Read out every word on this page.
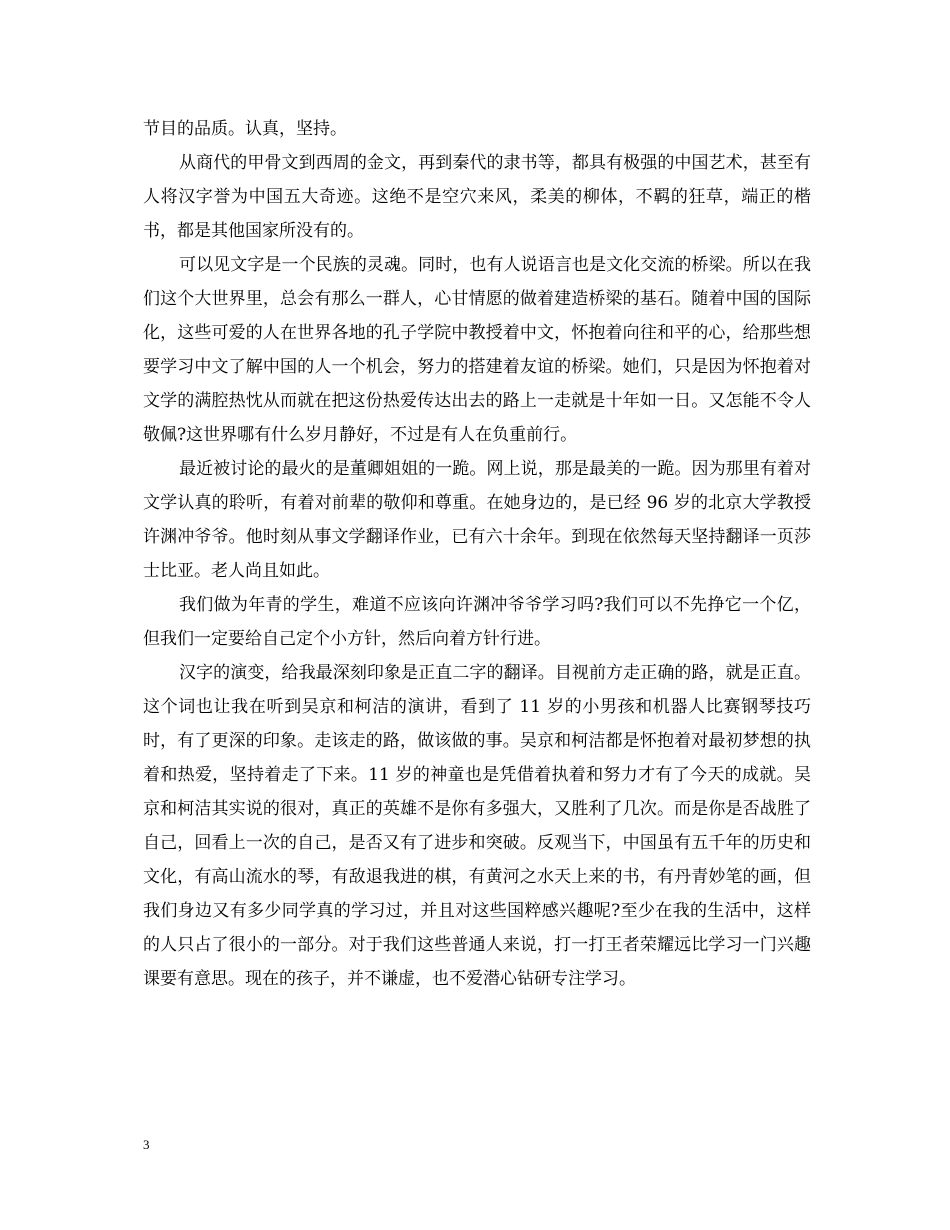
节目的品质。认真，坚持。

从商代的甲骨文到西周的金文，再到秦代的隶书等，都具有极强的中国艺术，甚至有人将汉字誉为中国五大奇迹。这绝不是空穴来风，柔美的柳体，不羁的狂草，端正的楷书，都是其他国家所没有的。

可以见文字是一个民族的灵魂。同时，也有人说语言也是文化交流的桥梁。所以在我们这个大世界里，总会有那么一群人，心甘情愿的做着建造桥梁的基石。随着中国的国际化，这些可爱的人在世界各地的孔子学院中教授着中文，怀抱着向往和平的心，给那些想要学习中文了解中国的人一个机会，努力的搭建着友谊的桥梁。她们，只是因为怀抱着对文学的满腔热忱从而就在把这份热爱传达出去的路上一走就是十年如一日。又怎能不令人敬佩?这世界哪有什么岁月静好，不过是有人在负重前行。

最近被讨论的最火的是董卿姐姐的一跪。网上说，那是最美的一跪。因为那里有着对文学认真的聆听，有着对前辈的敬仰和尊重。在她身边的，是已经 96 岁的北京大学教授许渊冲爷爷。他时刻从事文学翻译作业，已有六十余年。到现在依然每天坚持翻译一页莎士比亚。老人尚且如此。

我们做为年青的学生，难道不应该向许渊冲爷爷学习吗?我们可以不先挣它一个亿，但我们一定要给自己定个小方针，然后向着方针行进。

汉字的演变，给我最深刻印象是正直二字的翻译。目视前方走正确的路，就是正直。这个词也让我在听到吴京和柯洁的演讲，看到了 11 岁的小男孩和机器人比赛钢琴技巧时，有了更深的印象。走该走的路，做该做的事。吴京和柯洁都是怀抱着对最初梦想的执着和热爱，坚持着走了下来。11 岁的神童也是凭借着执着和努力才有了今天的成就。吴京和柯洁其实说的很对，真正的英雄不是你有多强大，又胜利了几次。而是你是否战胜了自己，回看上一次的自己，是否又有了进步和突破。反观当下，中国虽有五千年的历史和文化，有高山流水的琴，有敌退我进的棋，有黄河之水天上来的书，有丹青妙笔的画，但我们身边又有多少同学真的学习过，并且对这些国粹感兴趣呢?至少在我的生活中，这样的人只占了很小的一部分。对于我们这些普通人来说，打一打王者荣耀远比学习一门兴趣课要有意思。现在的孩子，并不谦虚，也不爱潜心钻研专注学习。

3
